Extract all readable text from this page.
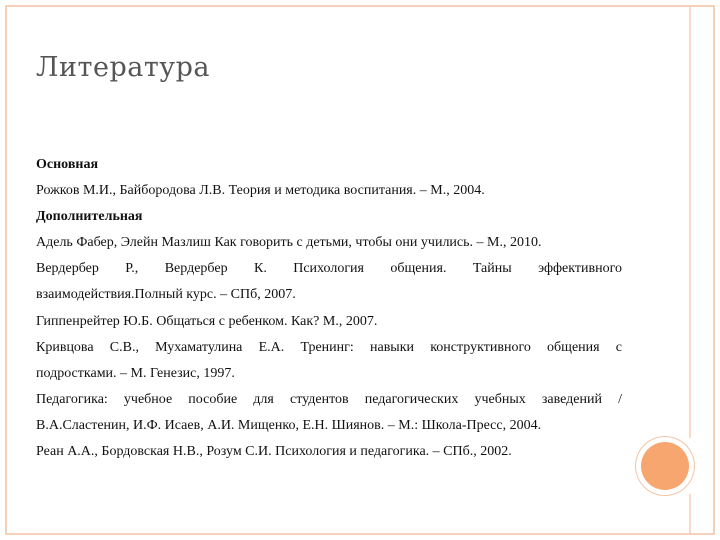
Литература
Основная
Рожков М.И., Байбородова Л.В. Теория и методика воспитания. – М., 2004.
Дополнительная
Адель Фабер, Элейн Мазлиш Как говорить с детьми, чтобы они учились. – М., 2010.
Вердербер Р., Вердербер К. Психология общения. Тайны эффективного
взаимодействия.Полный курс. – СПб, 2007.
Гиппенрейтер Ю.Б. Общаться с ребенком. Как? М., 2007.
Кривцова С.В., Мухаматулина Е.А. Тренинг: навыки конструктивного общения с
подростками. – М. Генезис, 1997.
Педагогика: учебное пособие для студентов педагогических учебных заведений /
В.А.Сластенин, И.Ф. Исаев, А.И. Мищенко, Е.Н. Шиянов. – М.: Школа-Пресс, 2004.
Реан А.А., Бордовская Н.В., Розум С.И. Психология и педагогика. – СПб., 2002.
